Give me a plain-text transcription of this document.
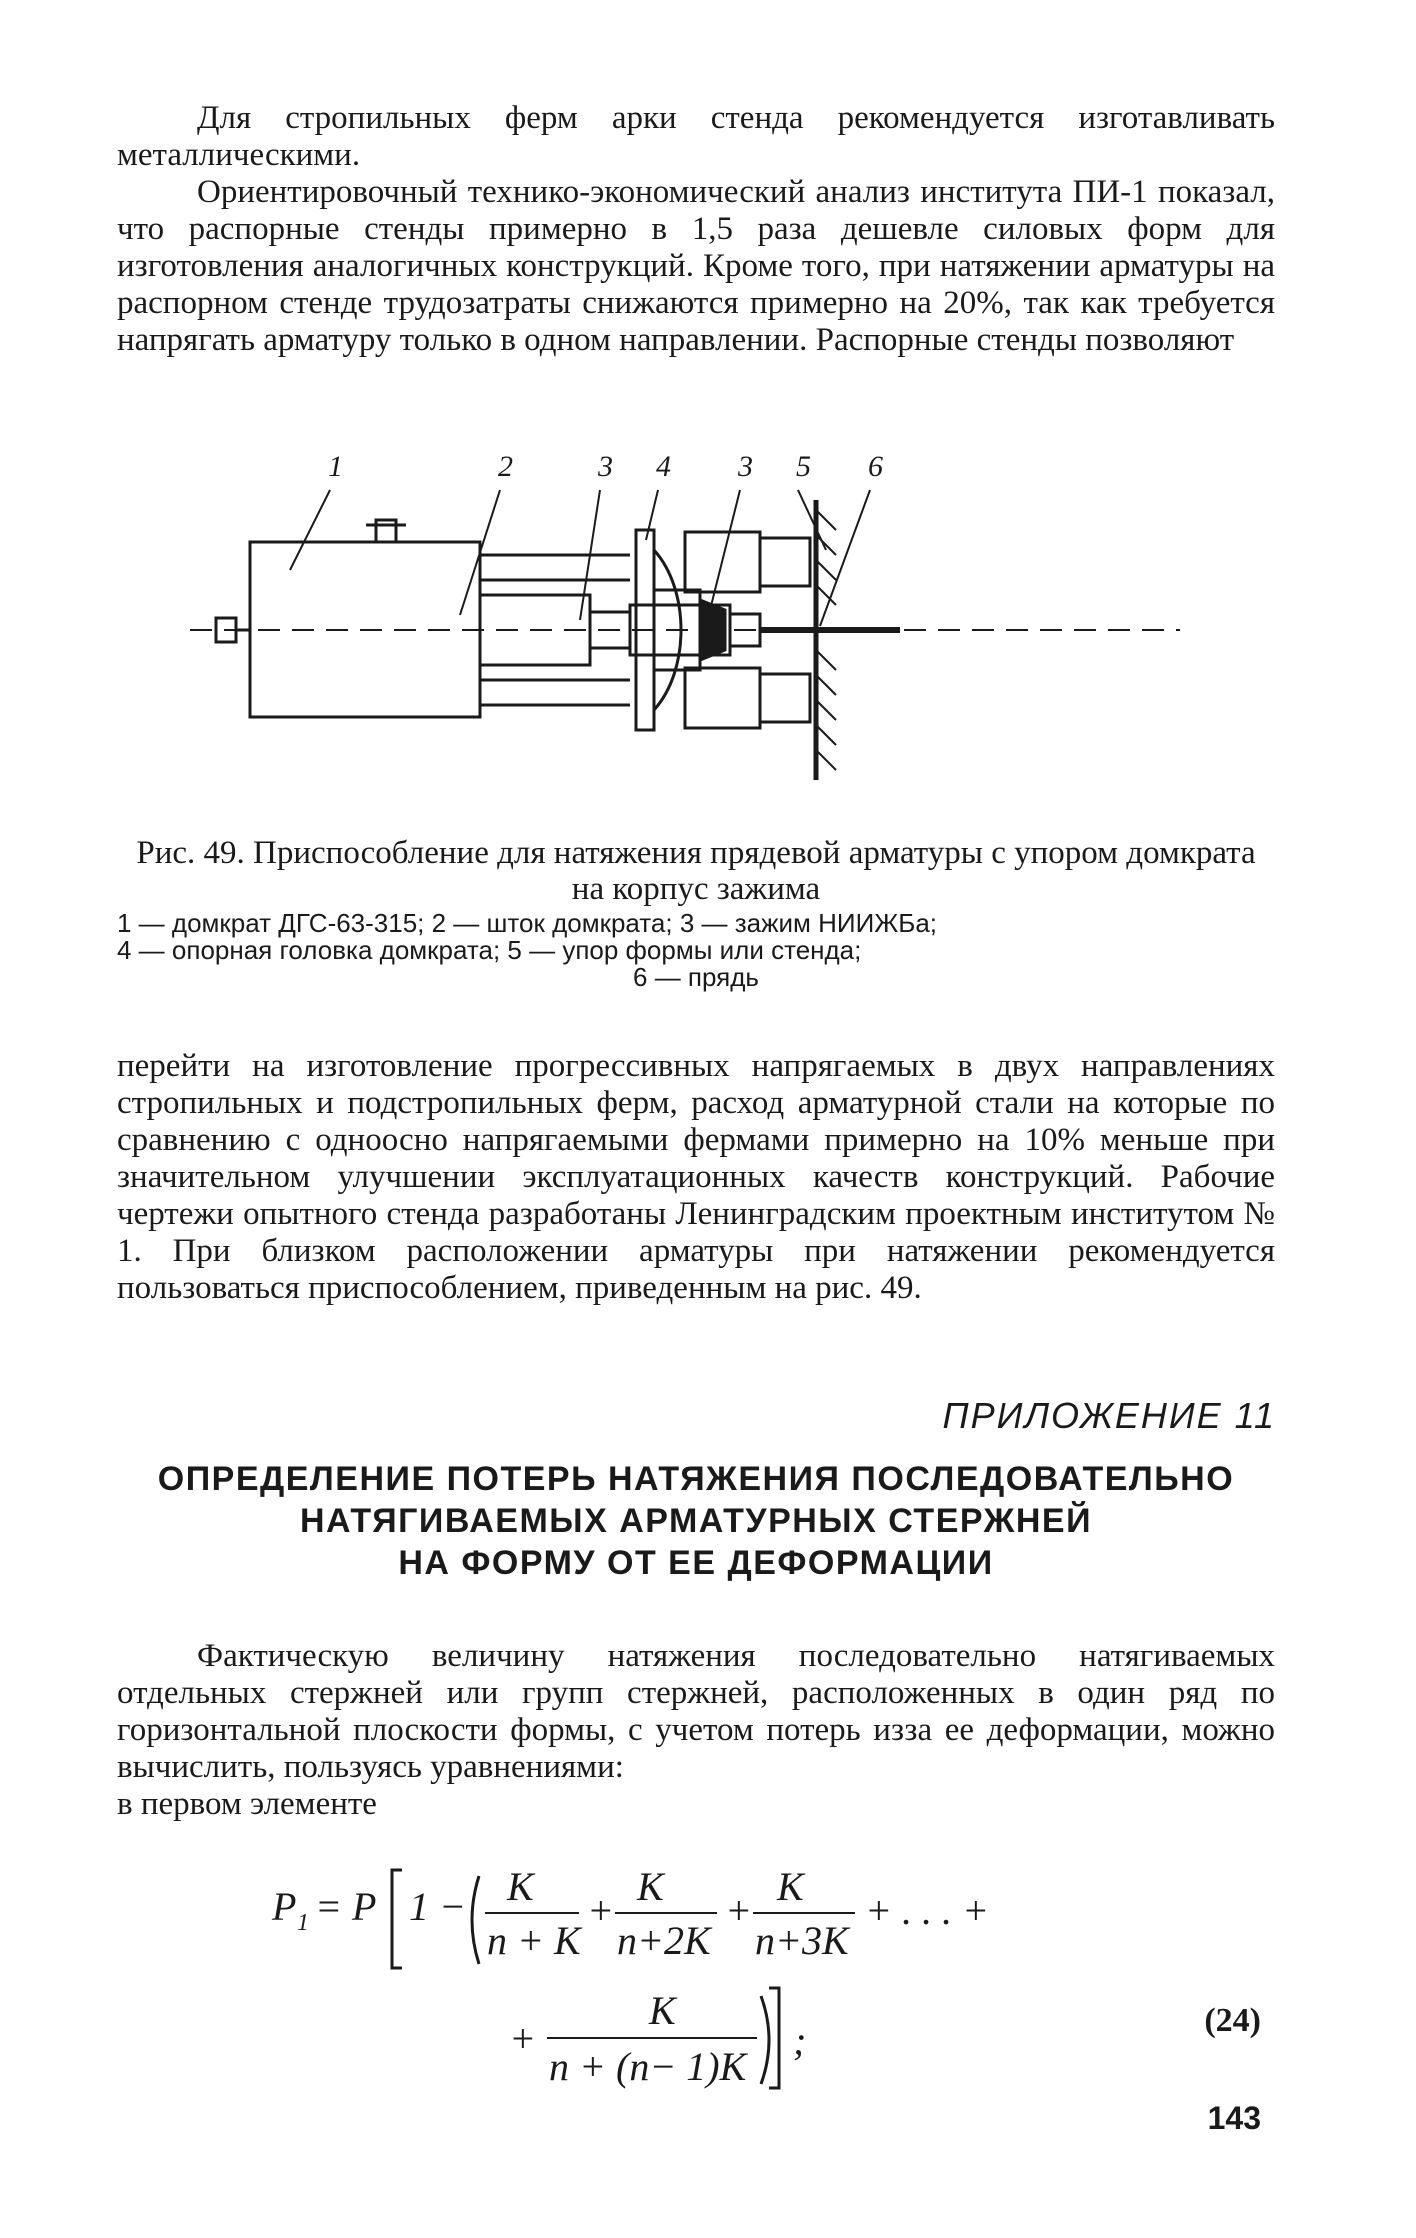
Для стропильных ферм арки стенда рекомендуется изготавливать металлическими.

Ориентировочный технико-экономический анализ института ПИ-1 показал, что распорные стенды примерно в 1,5 раза дешевле силовых форм для изготовления аналогичных конструкций. Кроме того, при натяжении арматуры на распорном стенде трудозатраты снижаются примерно на 20%, так как требуется напрягать арматуру только в одном направлении. Распорные стенды позволяют

1	2	3 4 3 5 6
Рис. 49. Приспособление для натяжения прядевой арматуры с упором домкрата на корпус зажима
1 — домкрат ДГС-63-315; 2 — шток домкрата; 3 — зажим НИИЖБа;
4 — опорная головка домкрата; 5 — упор формы или стенда;
6 — прядь

перейти на изготовление прогрессивных напрягаемых в двух направлениях стропильных и подстропильных ферм, расход арматурной стали на которые по сравнению с одноосно напрягаемыми фермами примерно на 10% меньше при значительном улучшении эксплуатационных качеств конструкций. Рабочие чертежи опытного стенда разработаны Ленинградским проектным институтом № 1. При близком расположении арматуры при натяжении рекомендуется пользоваться приспособлением, приведенным на рис. 49.

ПРИЛОЖЕНИЕ 11
ОПРЕДЕЛЕНИЕ ПОТЕРЬ НАТЯЖЕНИЯ ПОСЛЕДОВАТЕЛЬНО
НАТЯГИВАЕМЫХ АРМАТУРНЫХ СТЕРЖНЕЙ
НА ФОРМУ ОТ ЕЕ ДЕФОРМАЦИИ

Фактическую величину натяжения последовательно натягиваемых отдельных стержней или групп стержней, расположенных в один ряд по горизонтальной плоскости формы, с учетом потерь изза ее деформации, можно вычислить, пользуясь уравнениями:

в первом элементе

P 1 = P 1 − K
n + K
+
K
n+2K
+
K
n+3K
+ . . . +
+
K
n + (n− 1)K
;	(24)
143
